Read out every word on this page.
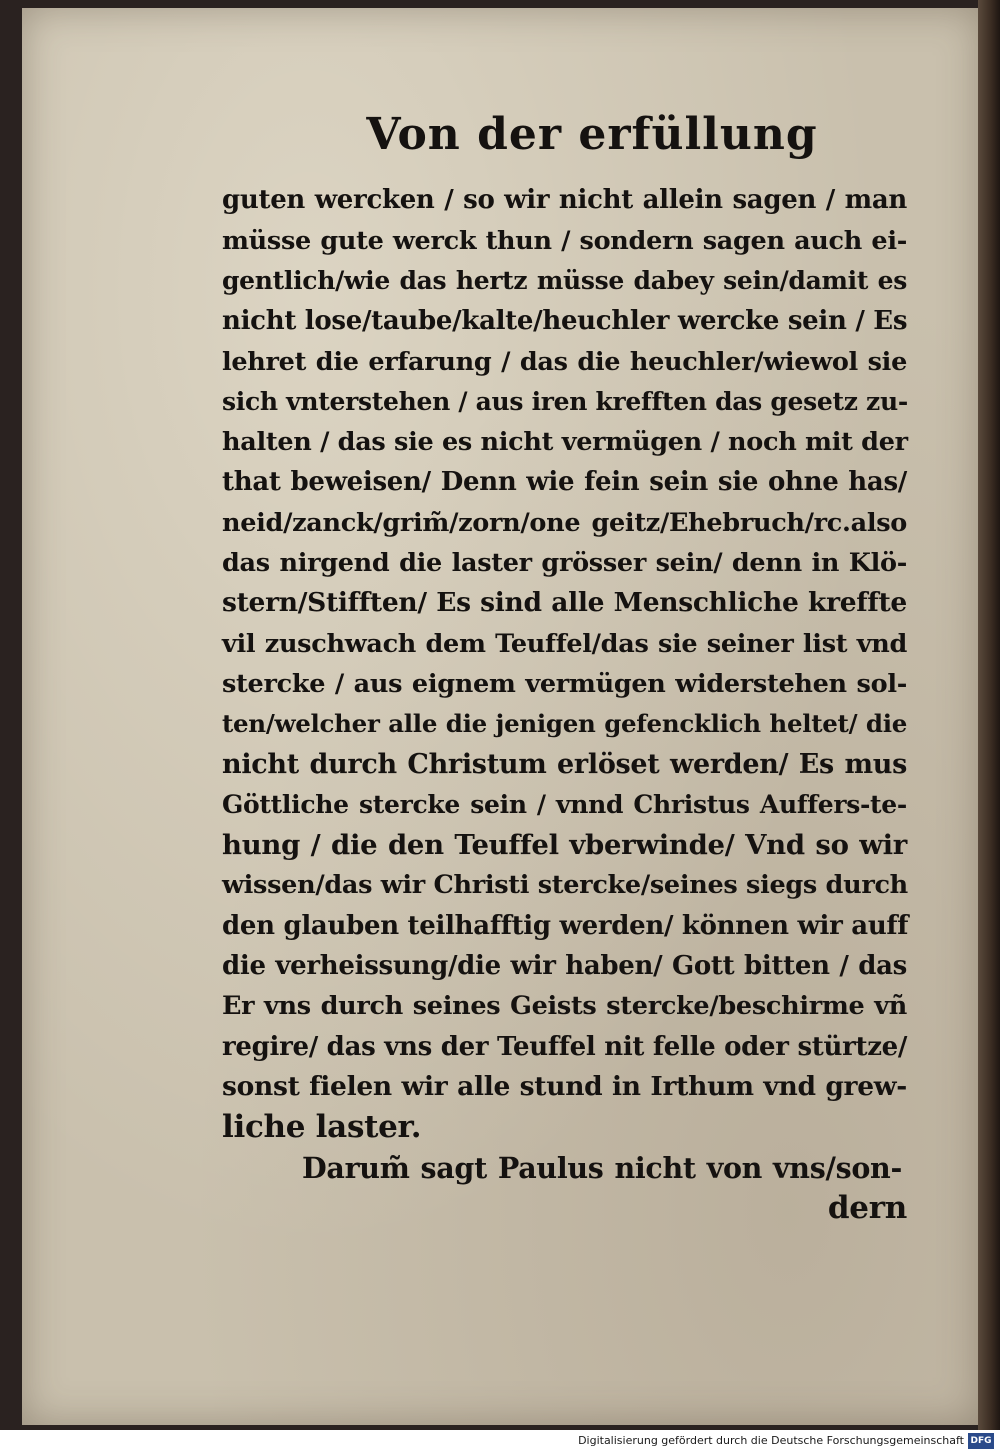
Von der erfüllung
guten wercken / so wir nicht allein sagen / man
müsse gute werck thun / sondern sagen auch ei-
gentlich/wie das hertz müsse dabey sein/damit es
nicht lose/taube/kalte/heuchler wercke sein / Es
lehret die erfarung / das die heuchler/wiewol sie
sich vnterstehen / aus iren krefften das gesetz zu-
halten / das sie es nicht vermügen / noch mit der
that beweisen/ Denn wie fein sein sie ohne has/
neid/zanck/grim̃/zorn/one geitz/Ehebruch/rc.also
das nirgend die laster grösser sein/ denn in Klö-
stern/Stifften/ Es sind alle Menschliche kreffte
vil zuschwach dem Teuffel/das sie seiner list vnd
stercke / aus eignem vermügen widerstehen sol-
ten/welcher alle die jenigen gefencklich heltet/ die
nicht durch Christum erlöset werden/ Es mus
Göttliche stercke sein / vnnd Christus Auffers-te-
hung / die den Teuffel vberwinde/ Vnd so wir
wissen/das wir Christi stercke/seines siegs durch
den glauben teilhafftig werden/ können wir auff
die verheissung/die wir haben/ Gott bitten / das
Er vns durch seines Geists stercke/beschirme vñ
regire/ das vns der Teuffel nit felle oder stürtze/
sonst fielen wir alle stund in Irthum vnd grew-
liche laster.
Darum̃ sagt Paulus nicht von vns/son-
dern
Digitalisierung gefördert durch die Deutsche Forschungsgemeinschaft DFG
